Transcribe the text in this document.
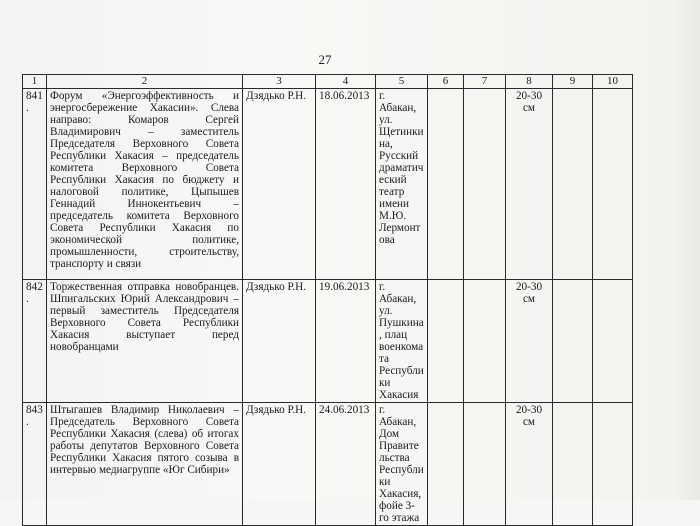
27
1	2	3	4	5	6	7	8	9	10
841.	Форум «Энергоэффективность и энергосбережение Хакасии». Слева направо: Комаров Сергей Владимирович – заместитель Председателя Верховного Совета Республики Хакасия – председатель комитета Верховного Совета Республики Хакасия по бюджету и налоговой политике, Цыпышев Геннадий Иннокентьевич – председатель комитета Верховного Совета Республики Хакасия по экономической политике, промышленности, строительству, транспорту и связи	Дзядько Р.Н.	18.06.2013	г. Абакан, ул. Щетинкина, Русский драматический театр имени М.Ю. Лермонтова			20-30 см		
842.	Торжественная отправка новобранцев. Шпигальских Юрий Александрович – первый заместитель Председателя Верховного Совета Республики Хакасия выступает перед новобранцами	Дзядько Р.Н.	19.06.2013	г. Абакан, ул. Пушкина, плац военкомата Республики Хакасия			20-30 см		
843.	Штыгашев Владимир Николаевич – Председатель Верховного Совета Республики Хакасия (слева) об итогах работы депутатов Верховного Совета Республики Хакасия пятого созыва в интервью медиагруппе «Юг Сибири»	Дзядько Р.Н.	24.06.2013	г. Абакан, Дом Правительства Республики Хакасия, фойе 3-го этажа			20-30 см		
